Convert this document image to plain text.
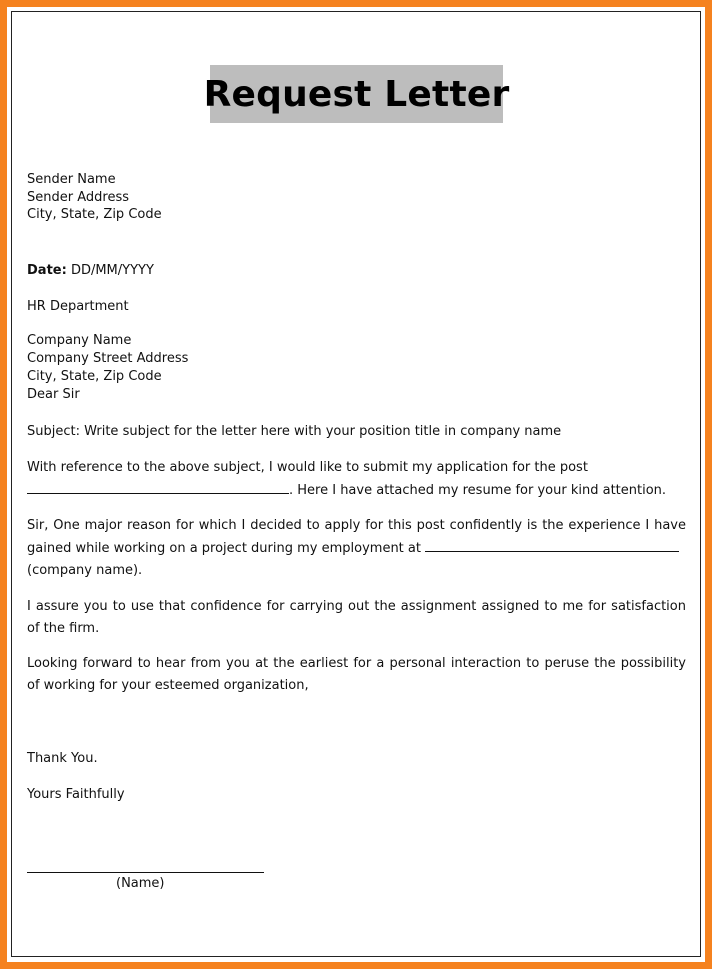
Request Letter
Sender Name
Sender Address
City, State, Zip Code
Date: DD/MM/YYYY
HR Department
Company Name
Company Street Address
City, State, Zip Code
Dear Sir
Subject: Write subject for the letter here with your position title in company name
With reference to the above subject, I would like to submit my application for the post
. Here I have attached my resume for your kind attention.
Sir, One major reason for which I decided to apply for this post confidently is the experience I have gained while working on a project during my employment at
(company name).
I assure you to use that confidence for carrying out the assignment assigned to me for satisfaction of the firm.
Looking forward to hear from you at the earliest for a personal interaction to peruse the possibility of working for your esteemed organization,
Thank You.
Yours Faithfully
(Name)
